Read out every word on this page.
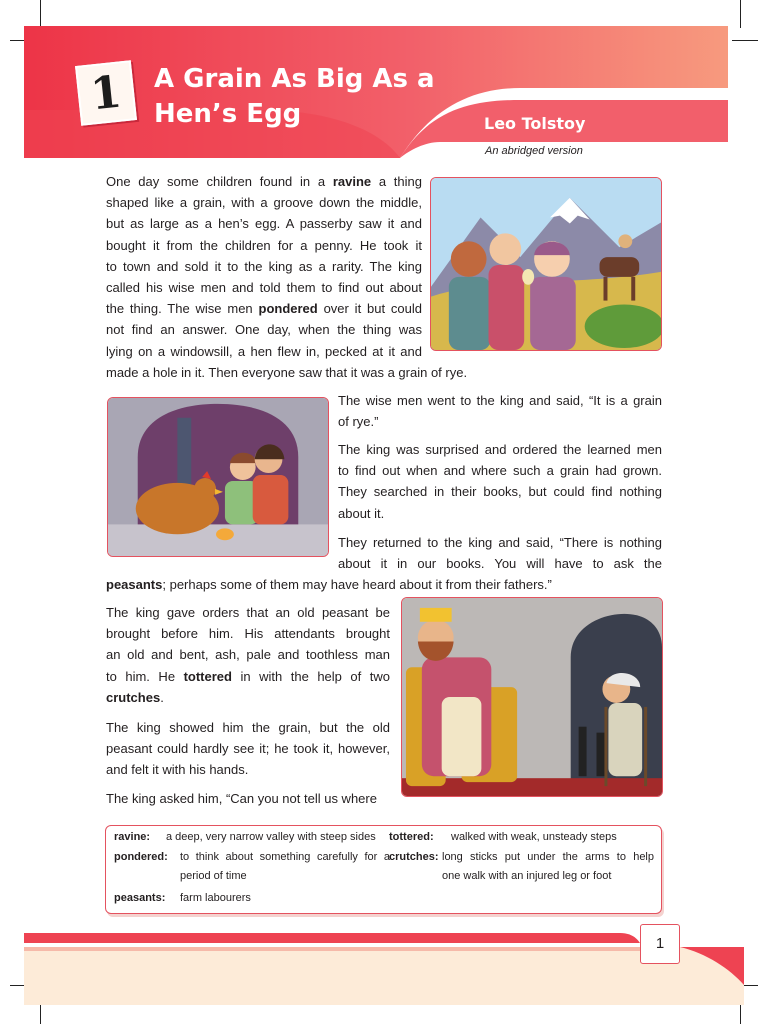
1	A Grain As Big As a
Hen’s Egg	Leo Tolstoy
An abridged version
One day some children found in a ravine a thing
shaped like a grain, with a groove down the middle,
but as large as a hen’s egg. A passerby saw it and
bought it from the children for a penny. He took it
to town and sold it to the king as a rarity. The king
called his wise men and told them to find out about
the thing. The wise men pondered over it but could
not find an answer. One day, when the thing was
lying on a windowsill, a hen flew in, pecked at it and
made a hole in it. Then everyone saw that it was a grain of rye.
The wise men went to the king and said, “It is a grain
of rye.”
The king was surprised and ordered the learned men
to find out when and where such a grain had grown.
They searched in their books, but could find nothing
about it.
They returned to the king and said, “There is nothing
about it in our books. You will have to ask the
peasants; perhaps some of them may have heard about it from their fathers.”
The king gave orders that an old peasant be
brought before him. His attendants brought
an old and bent, ash, pale and toothless man
to him. He tottered in with the help of two
crutches.
The king showed him the grain, but the old
peasant could hardly see it; he took it, however,
and felt it with his hands.
The king asked him, “Can you not tell us where
ravine: a deep, very narrow valley with steep sides
pondered: to think about something carefully for a
period of time
peasants: farm labourers
tottered: walked with weak, unsteady steps
crutches: long sticks put under the arms to help
one walk with an injured leg or foot
1
